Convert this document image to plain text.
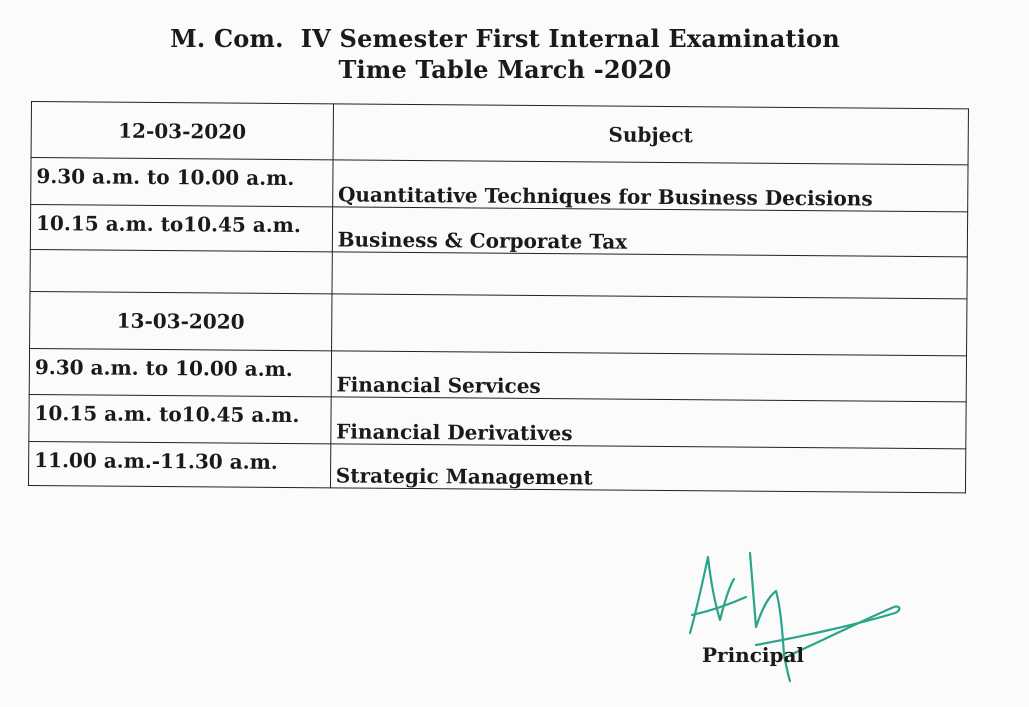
M. Com.  IV Semester First Internal Examination
Time Table March -2020
12-03-2020	Subject
9.30 a.m. to 10.00 a.m.	Quantitative Techniques for Business Decisions
10.15 a.m. to10.45 a.m.	Business & Corporate Tax

13-03-2020	
9.30 a.m. to 10.00 a.m.	Financial Services
10.15 a.m. to10.45 a.m.	Financial Derivatives
11.00 a.m.-11.30 a.m.	Strategic Management
Principal
